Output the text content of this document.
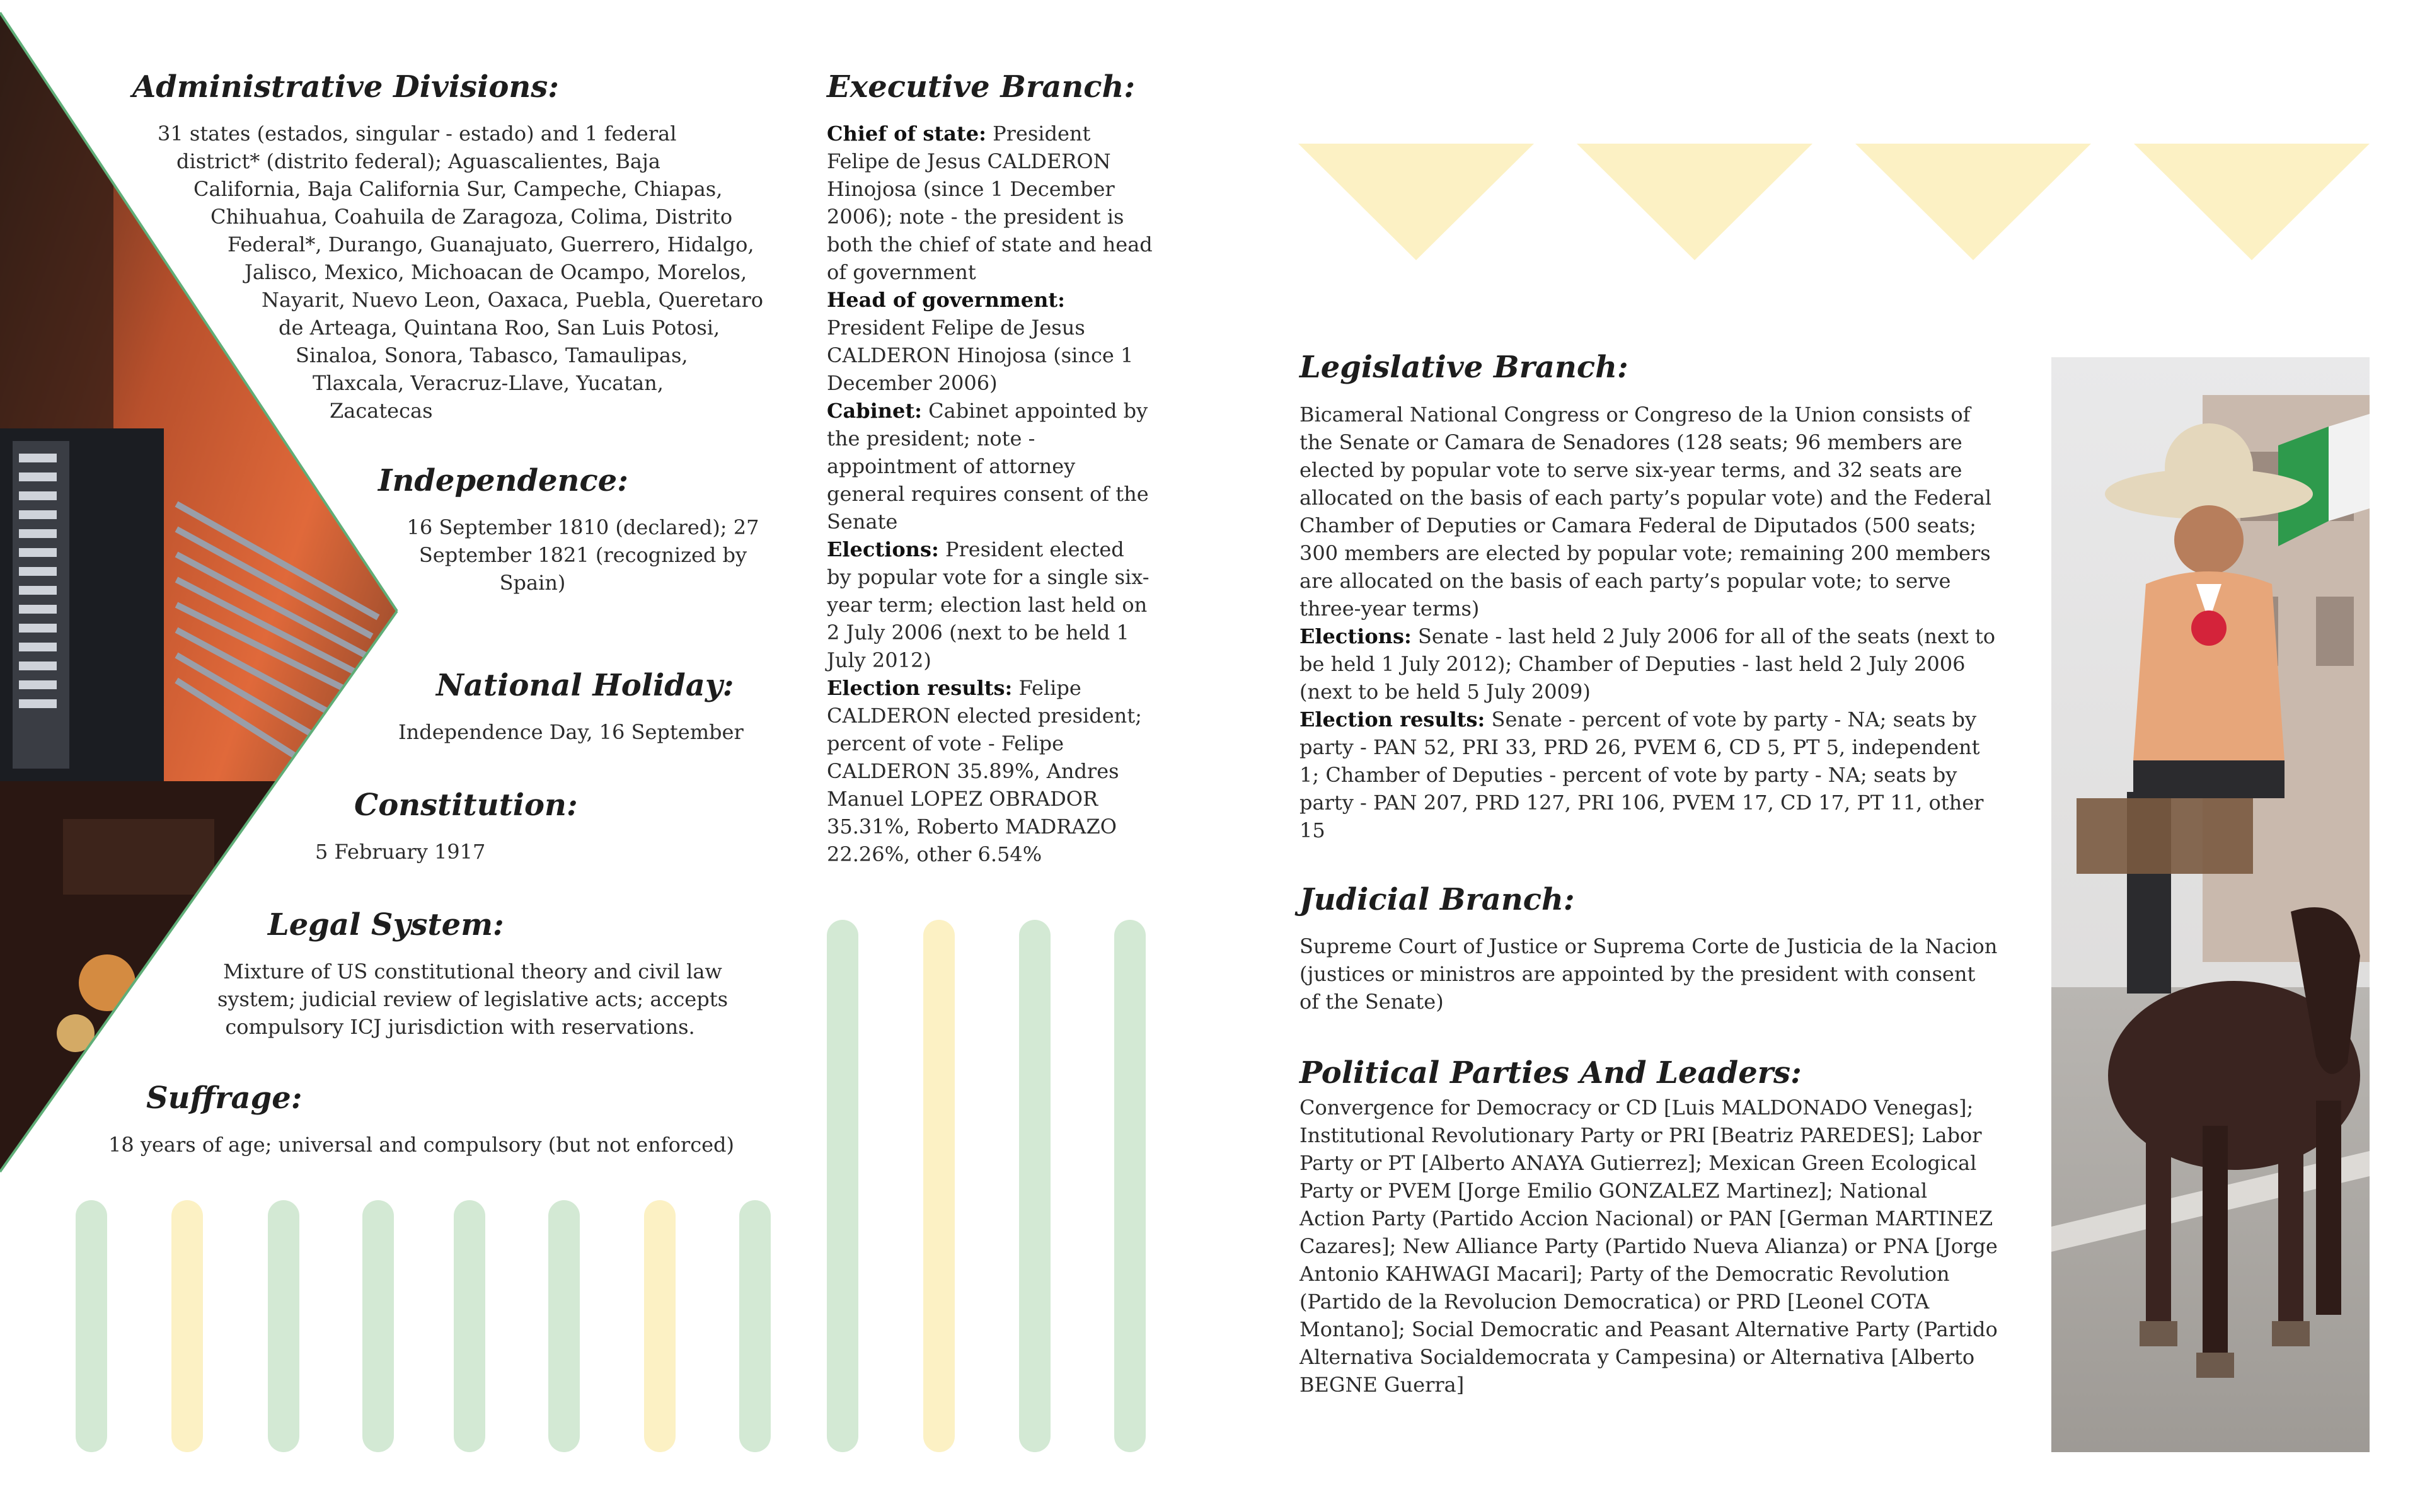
Administrative Divisions:

31 states (estados, singular - estado) and 1 federal

district* (distrito federal); Aguascalientes, Baja

California, Baja California Sur, Campeche, Chiapas,

Chihuahua, Coahuila de Zaragoza, Colima, Distrito

Federal*, Durango, Guanajuato, Guerrero, Hidalgo,

Jalisco, Mexico, Michoacan de Ocampo, Morelos,

Nayarit, Nuevo Leon, Oaxaca, Puebla, Queretaro

de Arteaga, Quintana Roo, San Luis Potosi,

Sinaloa, Sonora, Tabasco, Tamaulipas,

Tlaxcala, Veracruz-Llave, Yucatan,

Zacatecas

Independence:

16 September 1810 (declared); 27

September 1821 (recognized by

Spain)

National Holiday:

Independence Day, 16 September

Constitution:

5 February 1917

Legal System:

Mixture of US constitutional theory and civil law

system; judicial review of legislative acts; accepts

compulsory ICJ jurisdiction with reservations.

Suffrage:

18 years of age; universal and compulsory (but not enforced)

Executive Branch:
Chief of state: President Felipe de Jesus CALDERON Hinojosa (since 1 December 2006); note - the president is both the chief of state and head of government
Head of government: President Felipe de Jesus CALDERON Hinojosa (since 1 December 2006)
Cabinet: Cabinet appointed by the president; note - appointment of attorney general requires consent of the Senate
Elections: President elected by popular vote for a single six-year term; election last held on 2 July 2006 (next to be held 1 July 2012)
Election results: Felipe CALDERON elected president; percent of vote - Felipe CALDERON 35.89%, Andres Manuel LOPEZ OBRADOR 35.31%, Roberto MADRAZO 22.26%, other 6.54%
Legislative Branch:
Bicameral National Congress or Congreso de la Union consists of the Senate or Camara de Senadores (128 seats; 96 members are elected by popular vote to serve six-year terms, and 32 seats are allocated on the basis of each party’s popular vote) and the Federal Chamber of Deputies or Camara Federal de Diputados (500 seats; 300 members are elected by popular vote; remaining 200 members are allocated on the basis of each party’s popular vote; to serve three-year terms)
Elections: Senate - last held 2 July 2006 for all of the seats (next to be held 1 July 2012); Chamber of Deputies - last held 2 July 2006 (next to be held 5 July 2009)
Election results: Senate - percent of vote by party - NA; seats by party - PAN 52, PRI 33, PRD 26, PVEM 6, CD 5, PT 5, independent 1; Chamber of Deputies - percent of vote by party - NA; seats by party - PAN 207, PRD 127, PRI 106, PVEM 17, CD 17, PT 11, other 15
Judicial Branch:

Supreme Court of Justice or Suprema Corte de Justicia de la Nacion (justices or ministros are appointed by the president with consent of the Senate)

Political Parties And Leaders:

Convergence for Democracy or CD [Luis MALDONADO Venegas]; Institutional Revolutionary Party or PRI [Beatriz PAREDES]; Labor Party or PT [Alberto ANAYA Gutierrez]; Mexican Green Ecological Party or PVEM [Jorge Emilio GONZALEZ Martinez]; National Action Party (Partido Accion Nacional) or PAN [German MARTINEZ Cazares]; New Alliance Party (Partido Nueva Alianza) or PNA [Jorge Antonio KAHWAGI Macari]; Party of the Democratic Revolution (Partido de la Revolucion Democratica) or PRD [Leonel COTA Montano]; Social Democratic and Peasant Alternative Party (Partido Alternativa Socialdemocrata y Campesina) or Alternativa [Alberto BEGNE Guerra]
